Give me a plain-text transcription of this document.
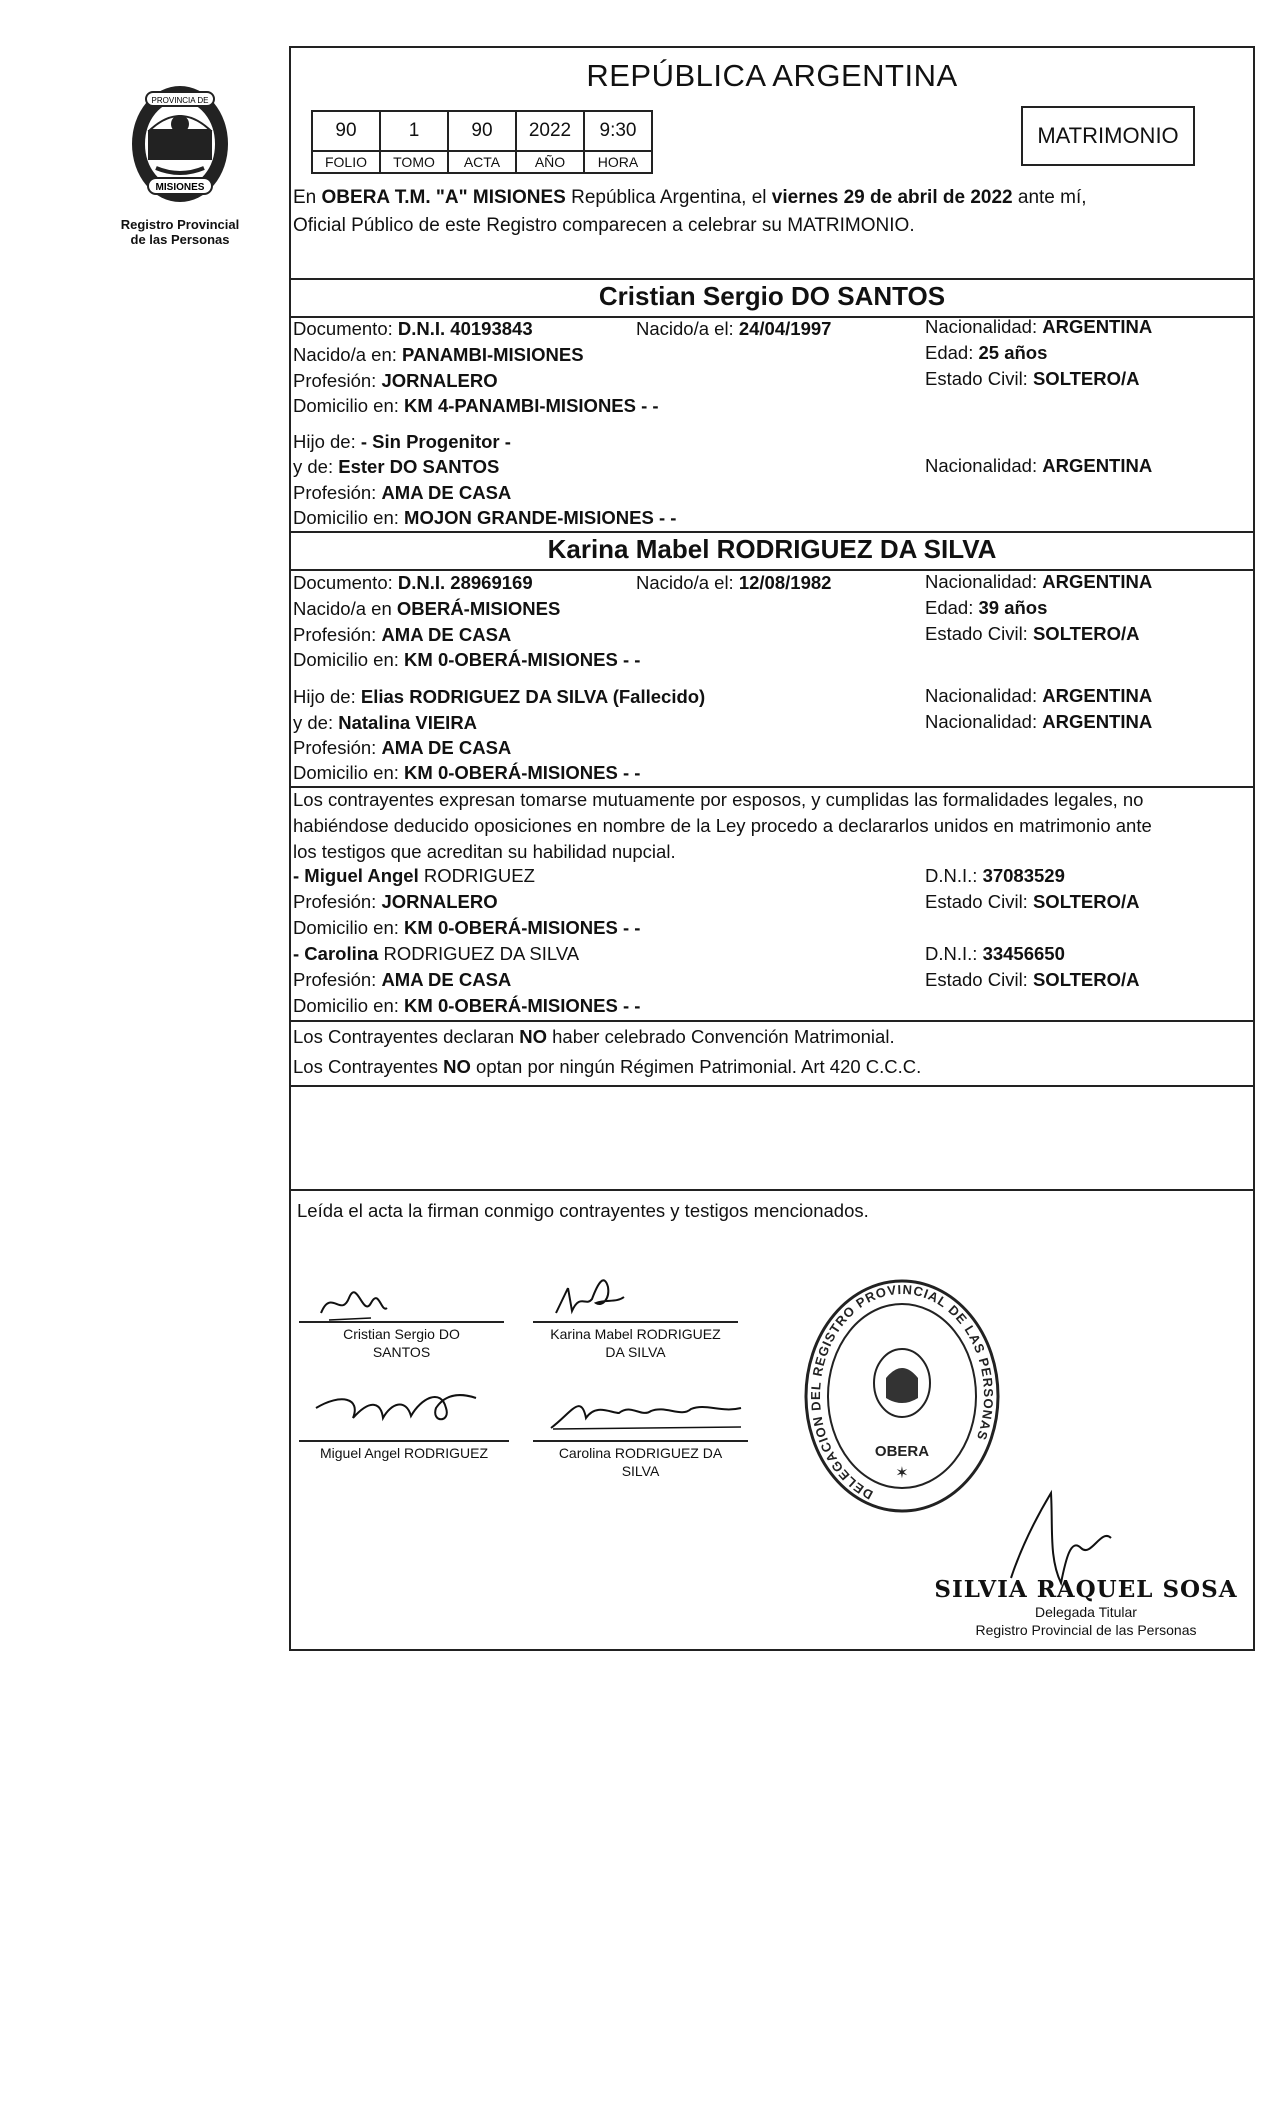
PROVINCIA DE
MISIONES
Registro Provincial
de las Personas
REPÚBLICA ARGENTINA
90	1	90	2022	9:30
FOLIO	TOMO	ACTA	AÑO	HORA
MATRIMONIO
En OBERA T.M. "A" MISIONES República Argentina, el viernes 29 de abril de 2022 ante mí,
Oficial Público de este Registro comparecen a celebrar su MATRIMONIO.
Cristian Sergio DO SANTOS
Documento: D.N.I. 40193843	Nacido/a el: 24/04/1997	Nacionalidad: ARGENTINA
Nacido/a en: PANAMBI-MISIONES	Edad: 25 años
Profesión: JORNALERO	Estado Civil: SOLTERO/A
Domicilio en: KM 4-PANAMBI-MISIONES - -
Hijo de: - Sin Progenitor -
y de: Ester DO SANTOS	Nacionalidad: ARGENTINA
Profesión: AMA DE CASA
Domicilio en: MOJON GRANDE-MISIONES - -
Karina Mabel RODRIGUEZ DA SILVA
Documento: D.N.I. 28969169	Nacido/a el: 12/08/1982	Nacionalidad: ARGENTINA
Nacido/a en OBERÁ-MISIONES	Edad: 39 años
Profesión: AMA DE CASA	Estado Civil: SOLTERO/A
Domicilio en: KM 0-OBERÁ-MISIONES - -
Hijo de: Elias RODRIGUEZ DA SILVA (Fallecido)	Nacionalidad: ARGENTINA
y de: Natalina VIEIRA	Nacionalidad: ARGENTINA
Profesión: AMA DE CASA
Domicilio en: KM 0-OBERÁ-MISIONES - -
Los contrayentes expresan tomarse mutuamente por esposos, y cumplidas las formalidades legales, no
habiéndose deducido oposiciones en nombre de la Ley procedo a declararlos unidos en matrimonio ante
los testigos que acreditan su habilidad nupcial.
- Miguel Angel RODRIGUEZ	D.N.I.: 37083529
Profesión: JORNALERO	Estado Civil: SOLTERO/A
Domicilio en: KM 0-OBERÁ-MISIONES - -
- Carolina RODRIGUEZ DA SILVA	D.N.I.: 33456650
Profesión: AMA DE CASA	Estado Civil: SOLTERO/A
Domicilio en: KM 0-OBERÁ-MISIONES - -
Los Contrayentes declaran NO haber celebrado Convención Matrimonial.
Los Contrayentes NO optan por ningún Régimen Patrimonial. Art 420 C.C.C.
Leída el acta la firman conmigo contrayentes y testigos mencionados.
Cristian Sergio DO
SANTOS
Karina Mabel RODRIGUEZ
DA SILVA
Miguel Angel RODRIGUEZ	Carolina RODRIGUEZ DA
SILVA
DELEGACION DEL REGISTRO PROVINCIAL DE LAS PERSONAS
OBERA
✶
SILVIA RAQUEL SOSA
Delegada Titular
Registro Provincial de las Personas
